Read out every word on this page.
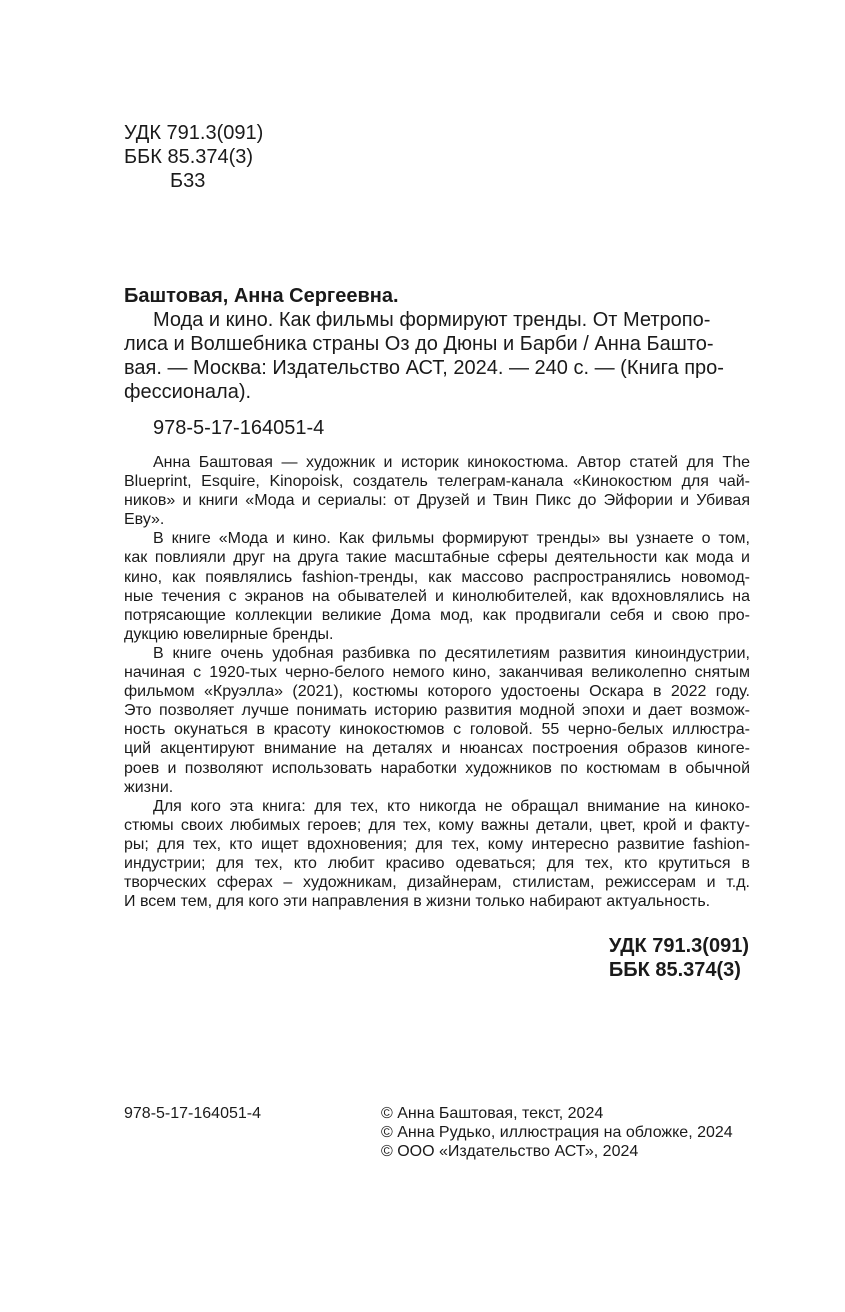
УДК 791.3(091)
ББК 85.374(3)
Б33
Баштовая, Анна Сергеевна.
Мода и кино. Как фильмы формируют тренды. От Метропо-
лиса и Волшебника страны Оз до Дюны и Барби / Анна Башто-
вая. — Москва: Издательство АСТ, 2024. — 240 с. — (Книга про-
фессионала).
978-5-17-164051-4

Анна Баштовая — художник и историк кинокостюма. Автор статей для The
Blueprint, Esquire, Kinopoisk, создатель телеграм-канала «Кинокостюм для чай-
ников» и книги «Мода и сериалы: от Друзей и Твин Пикс до Эйфории и Убивая
Еву».

В книге «Мода и кино. Как фильмы формируют тренды» вы узнаете о том,
как повлияли друг на друга такие масштабные сферы деятельности как мода и
кино, как появлялись fashion-тренды, как массово распространялись новомод-
ные течения с экранов на обывателей и кинолюбителей, как вдохновлялись на
потрясающие коллекции великие Дома мод, как продвигали себя и свою про-
дукцию ювелирные бренды.

В книге очень удобная разбивка по десятилетиям развития киноиндустрии,
начиная с 1920-тых черно-белого немого кино, заканчивая великолепно снятым
фильмом «Круэлла» (2021), костюмы которого удостоены Оскара в 2022 году.
Это позволяет лучше понимать историю развития модной эпохи и дает возмож-
ность окунаться в красоту кинокостюмов с головой. 55 черно-белых иллюстра-
ций акцентируют внимание на деталях и нюансах построения образов киноге-
роев и позволяют использовать наработки художников по костюмам в обычной
жизни.

Для кого эта книга: для тех, кто никогда не обращал внимание на кинoко-
стюмы своих любимых героев; для тех, кому важны детали, цвет, крой и факту-
ры; для тех, кто ищет вдохновения; для тех, кому интересно развитие fashion-
индустрии; для тех, кто любит красиво одеваться; для тех, кто крутиться в
творческих сферах – художникам, дизайнерам, стилистам, режиссерам и т.д.
И всем тем, для кого эти направления в жизни только набирают актуальность.

УДК 791.3(091)
ББК 85.374(3)
978-5-17-164051-4	© Анна Баштовая, текст, 2024
© Анна Рудько, иллюстрация на обложке, 2024
© ООО «Издательство АСТ», 2024
